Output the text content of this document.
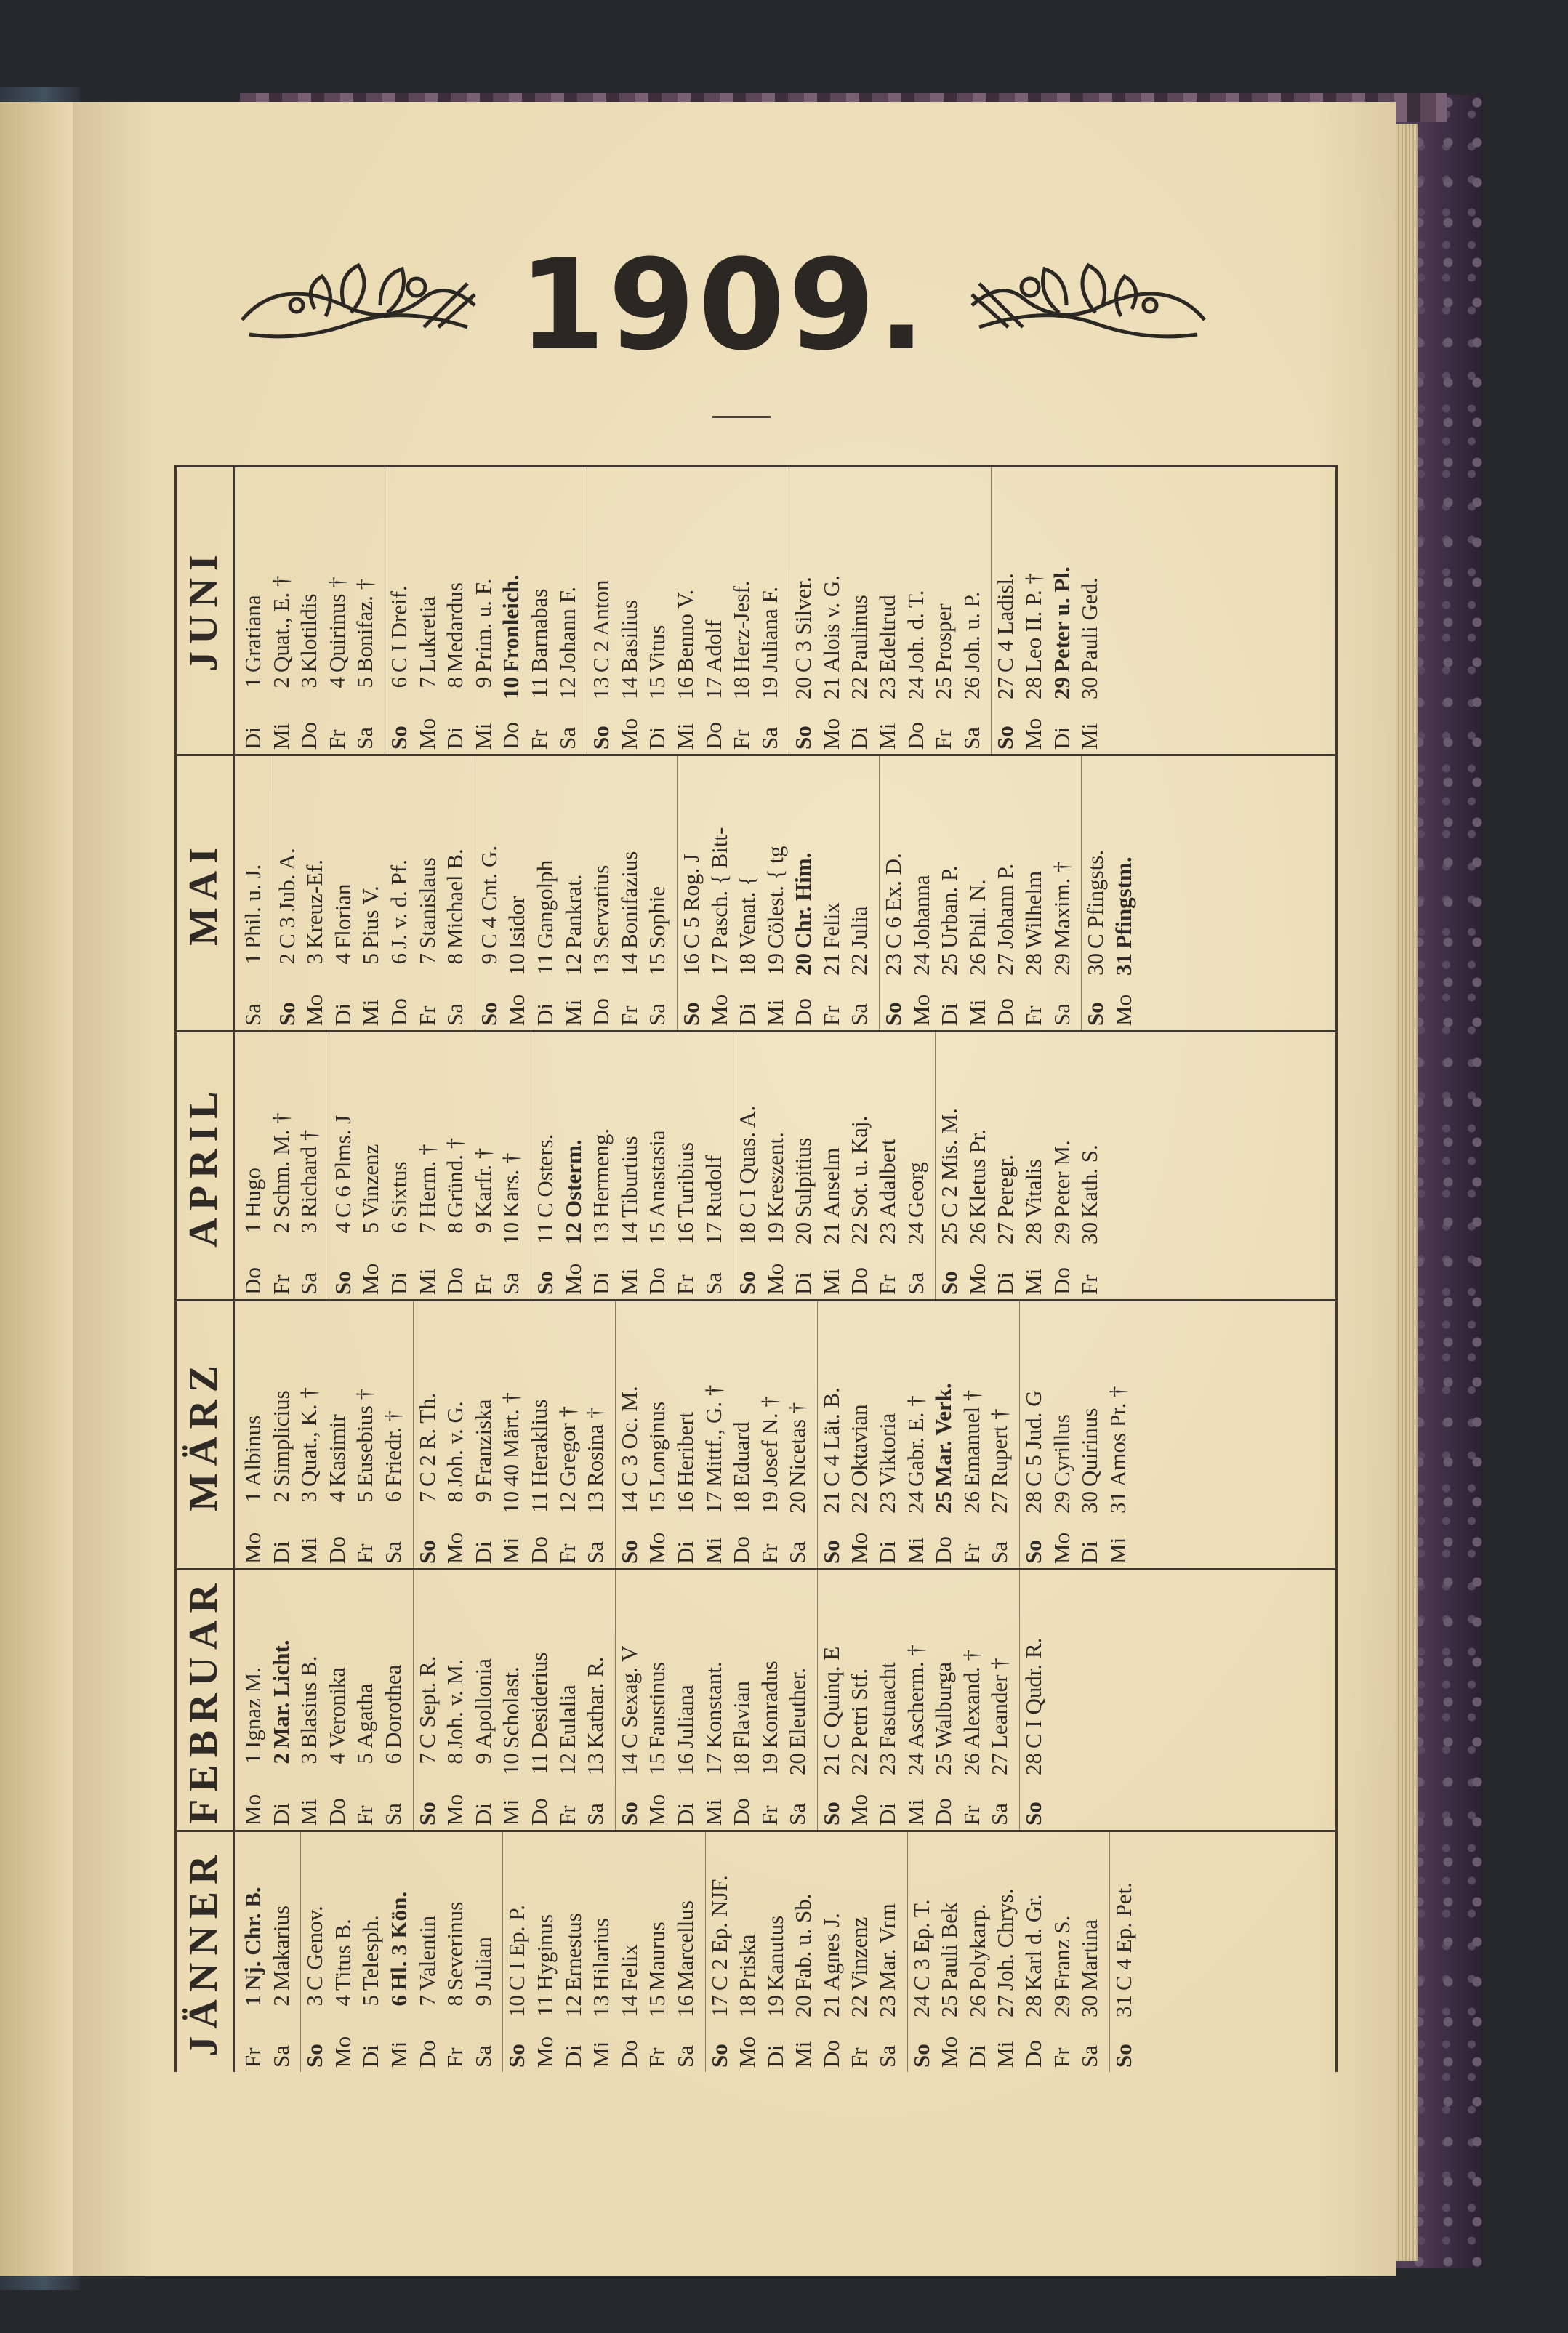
1909.
JÄNNER
Fr
1
Nj. Chr. B.
Sa
2
Makarius
So
3
C Genov.
Mo
4
Titus B.
Di
5
Telesph.
Mi
6
Hl. 3 Kön.
Do
7
Valentin
Fr
8
Severinus
Sa
9
Julian
So
10
C I Ep. P.
Mo
11
Hyginus
Di
12
Ernestus
Mi
13
Hilarius
Do
14
Felix
Fr
15
Maurus
Sa
16
Marcellus
So
17
C 2 Ep. NJF.
Mo
18
Priska
Di
19
Kanutus
Mi
20
Fab. u. Sb.
Do
21
Agnes J.
Fr
22
Vinzenz
Sa
23
Mar. Vrm
So
24
C 3 Ep. T.
Mo
25
Pauli Bek
Di
26
Polykarp.
Mi
27
Joh. Chrys.
Do
28
Karl d. Gr.
Fr
29
Franz S.
Sa
30
Martina
So
31
C 4 Ep. Pet.
FEBRUAR Mo
1
Ignaz M.
Di
2
Mar. Licht.
Mi
3
Blasius B.
Do
4
Veronika
Fr
5
Agatha
Sa
6
Dorothea
So
7
C Sept. R.
Mo
8
Joh. v. M.
Di
9
Apollonia
Mi
10
Scholast.
Do
11
Desiderius
Fr
12
Eulalia
Sa
13
Kathar. R.
So
14
C Sexag. V
Mo
15
Faustinus
Di
16
Juliana
Mi
17
Konstant.
Do
18
Flavian
Fr
19
Konradus
Sa
20
Eleuther.
So
21
C Quinq. E
Mo
22
Petri Stf.
Di
23
Fastnacht
Mi
24
Ascherm. †
Do
25
Walburga
Fr
26
Alexand. †
Sa
27
Leander †
So
28
C I Qudr. R.
MÄRZ
Mo
1
Albinus
Di
2
Simplicius
Mi
3
Quat., K. †
Do
4
Kasimir
Fr
5
Eusebius †
Sa
6
Friedr. †
So
7
C 2 R. Th.
Mo
8
Joh. v. G.
Di
9
Franziska
Mi
10
40 Märt. †
Do
11
Heraklius
Fr
12
Gregor †
Sa
13
Rosina †
So
14
C 3 Oc. M.
Mo
15
Longinus
Di
16
Heribert
Mi
17
Mittf., G. †
Do
18
Eduard
Fr
19
Josef N. †
Sa
20
Nicetas †
So
21
C 4 Lät. B.
Mo
22
Oktavian
Di
23
Viktoria
Mi
24
Gabr. E. †
Do
25
Mar. Verk.
Fr
26
Emanuel †
Sa
27
Rupert †
So
28
C 5 Jud. G
Mo
29
Cyrillus
Di
30
Quirinus
Mi
31
Amos Pr. †
APRIL
Do
1
Hugo
Fr
2
Schm. M. †
Sa
3
Richard †
So
4
C 6 Plms. J
Mo
5
Vinzenz
Di
6
Sixtus
Mi
7
Herm. †
Do
8
Gründ. †
Fr
9
Karfr. †
Sa
10
Kars. †
So
11
C Osters.
Mo
12
Osterm.
Di
13
Hermeng.
Mi
14
Tiburtius
Do
15
Anastasia
Fr
16
Turibius
Sa
17
Rudolf
So
18
C I Quas. A.
Mo
19
Kreszent.
Di
20
Sulpitius
Mi
21
Anselm
Do
22
Sot. u. Kaj.
Fr
23
Adalbert
Sa
24
Georg
So
25
C 2 Mis. M.
Mo
26
Kletus Pr.
Di
27
Peregr.
Mi
28
Vitalis
Do
29
Peter M.
Fr
30
Kath. S.
MAI
Sa
1
Phil. u. J.
So
2
C 3 Jub. A.
Mo
3
Kreuz-Ef.
Di
4
Florian
Mi
5
Pius V.
Do
6
J. v. d. Pf.
Fr
7
Stanislaus
Sa
8
Michael B.
So
9
C 4 Cnt. G.
Mo
10
Isidor
Di
11
Gangolph
Mi
12
Pankrat.
Do
13
Servatius
Fr
14
Bonifazius
Sa
15
Sophie
So
16
C 5 Rog. J
Mo
17
Pasch. { Bitt-
Di
18
Venat. {
Mi
19
Cölest. { tg
Do
20
Chr. Him.
Fr
21
Felix
Sa
22
Julia
So
23
C 6 Ex. D.
Mo
24
Johanna
Di
25
Urban. P.
Mi
26
Phil. N.
Do
27
Johann P.
Fr
28
Wilhelm
Sa
29
Maxim. †
So
30
C Pfingsts.
Mo
31
Pfingstm.
JUNI
Di
1
Gratiana
Mi
2
Quat., E. †
Do
3
Klotildis
Fr
4
Quirinus †
Sa
5
Bonifaz. †
So
6
C I Dreif.
Mo
7
Lukretia
Di
8
Medardus
Mi
9
Prim. u. F.
Do
10
Fronleich.
Fr
11
Barnabas
Sa
12
Johann F.
So
13
C 2 Anton
Mo
14
Basilius
Di
15
Vitus
Mi
16
Benno V.
Do
17
Adolf
Fr
18
Herz-Jesf.
Sa
19
Juliana F.
So
20
C 3 Silver.
Mo
21
Alois v. G.
Di
22
Paulinus
Mi
23
Edeltrud
Do
24
Joh. d. T.
Fr
25
Prosper
Sa
26
Joh. u. P.
So
27
C 4 Ladisl.
Mo
28
Leo II. P. †
Di
29
Peter u. Pl.
Mi
30
Pauli Ged.
